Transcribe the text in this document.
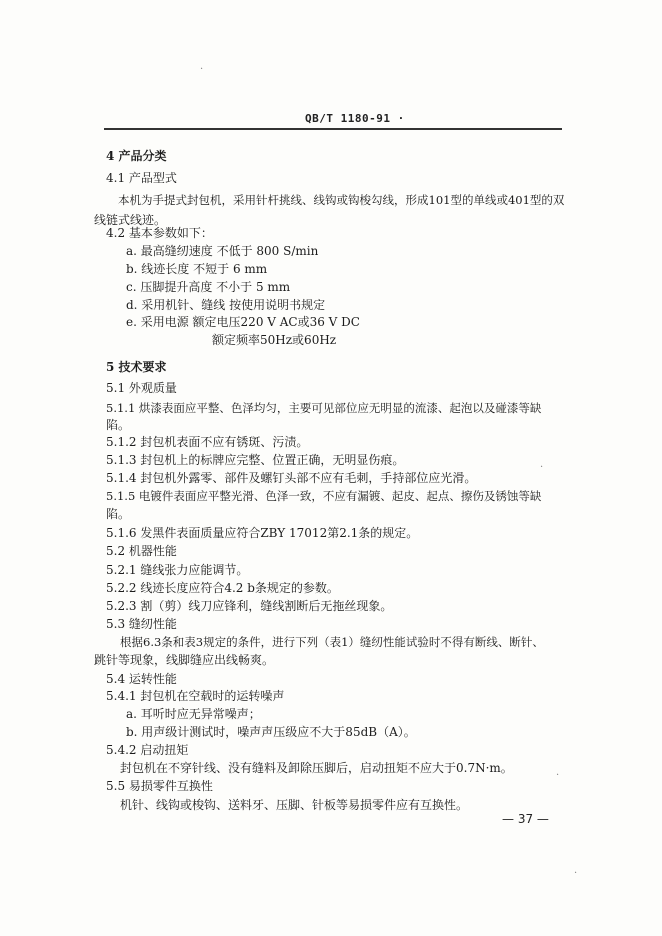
QB/T 1180-91 ·
4 产品分类
4.1 产品型式
本机为手提式封包机，采用针杆挑线、线钩或钩梭勾线，形成101型的单线或401型的双
线链式线迹。
4.2 基本参数如下：
a. 最高缝纫速度 不低于 800 S/min
b. 线迹长度 不短于 6 mm
c. 压脚提升高度 不小于 5 mm
d. 采用机针、缝线 按使用说明书规定
e. 采用电源 额定电压220 V AC或36 V DC
额定频率50Hz或60Hz
5 技术要求
5.1 外观质量
5.1.1 烘漆表面应平整、色泽均匀，主要可见部位应无明显的流漆、起泡以及碰漆等缺
陷。
5.1.2 封包机表面不应有锈斑、污渍。
5.1.3 封包机上的标牌应完整、位置正确，无明显伤痕。
5.1.4 封包机外露零、部件及螺钉头部不应有毛刺，手持部位应光滑。
5.1.5 电镀件表面应平整光滑、色泽一致，不应有漏镀、起皮、起点、擦伤及锈蚀等缺
陷。
5.1.6 发黑件表面质量应符合ZBY 17012第2.1条的规定。
5.2 机器性能
5.2.1 缝线张力应能调节。
5.2.2 线迹长度应符合4.2 b条规定的参数。
5.2.3 割（剪）线刀应锋利，缝线割断后无拖丝现象。
5.3 缝纫性能
根据6.3条和表3规定的条件，进行下列（表1）缝纫性能试验时不得有断线、断针、
跳针等现象，线脚缝应出线畅爽。
5.4 运转性能
5.4.1 封包机在空载时的运转噪声
a. 耳听时应无异常噪声；
b. 用声级计测试时，噪声声压级应不大于85dB（A）。
5.4.2 启动扭矩
封包机在不穿针线、没有缝料及卸除压脚后，启动扭矩不应大于0.7N·m。
5.5 易损零件互换性
机针、线钩或梭钩、送料牙、压脚、针板等易损零件应有互换性。
— 37 —
·
·
·
·
